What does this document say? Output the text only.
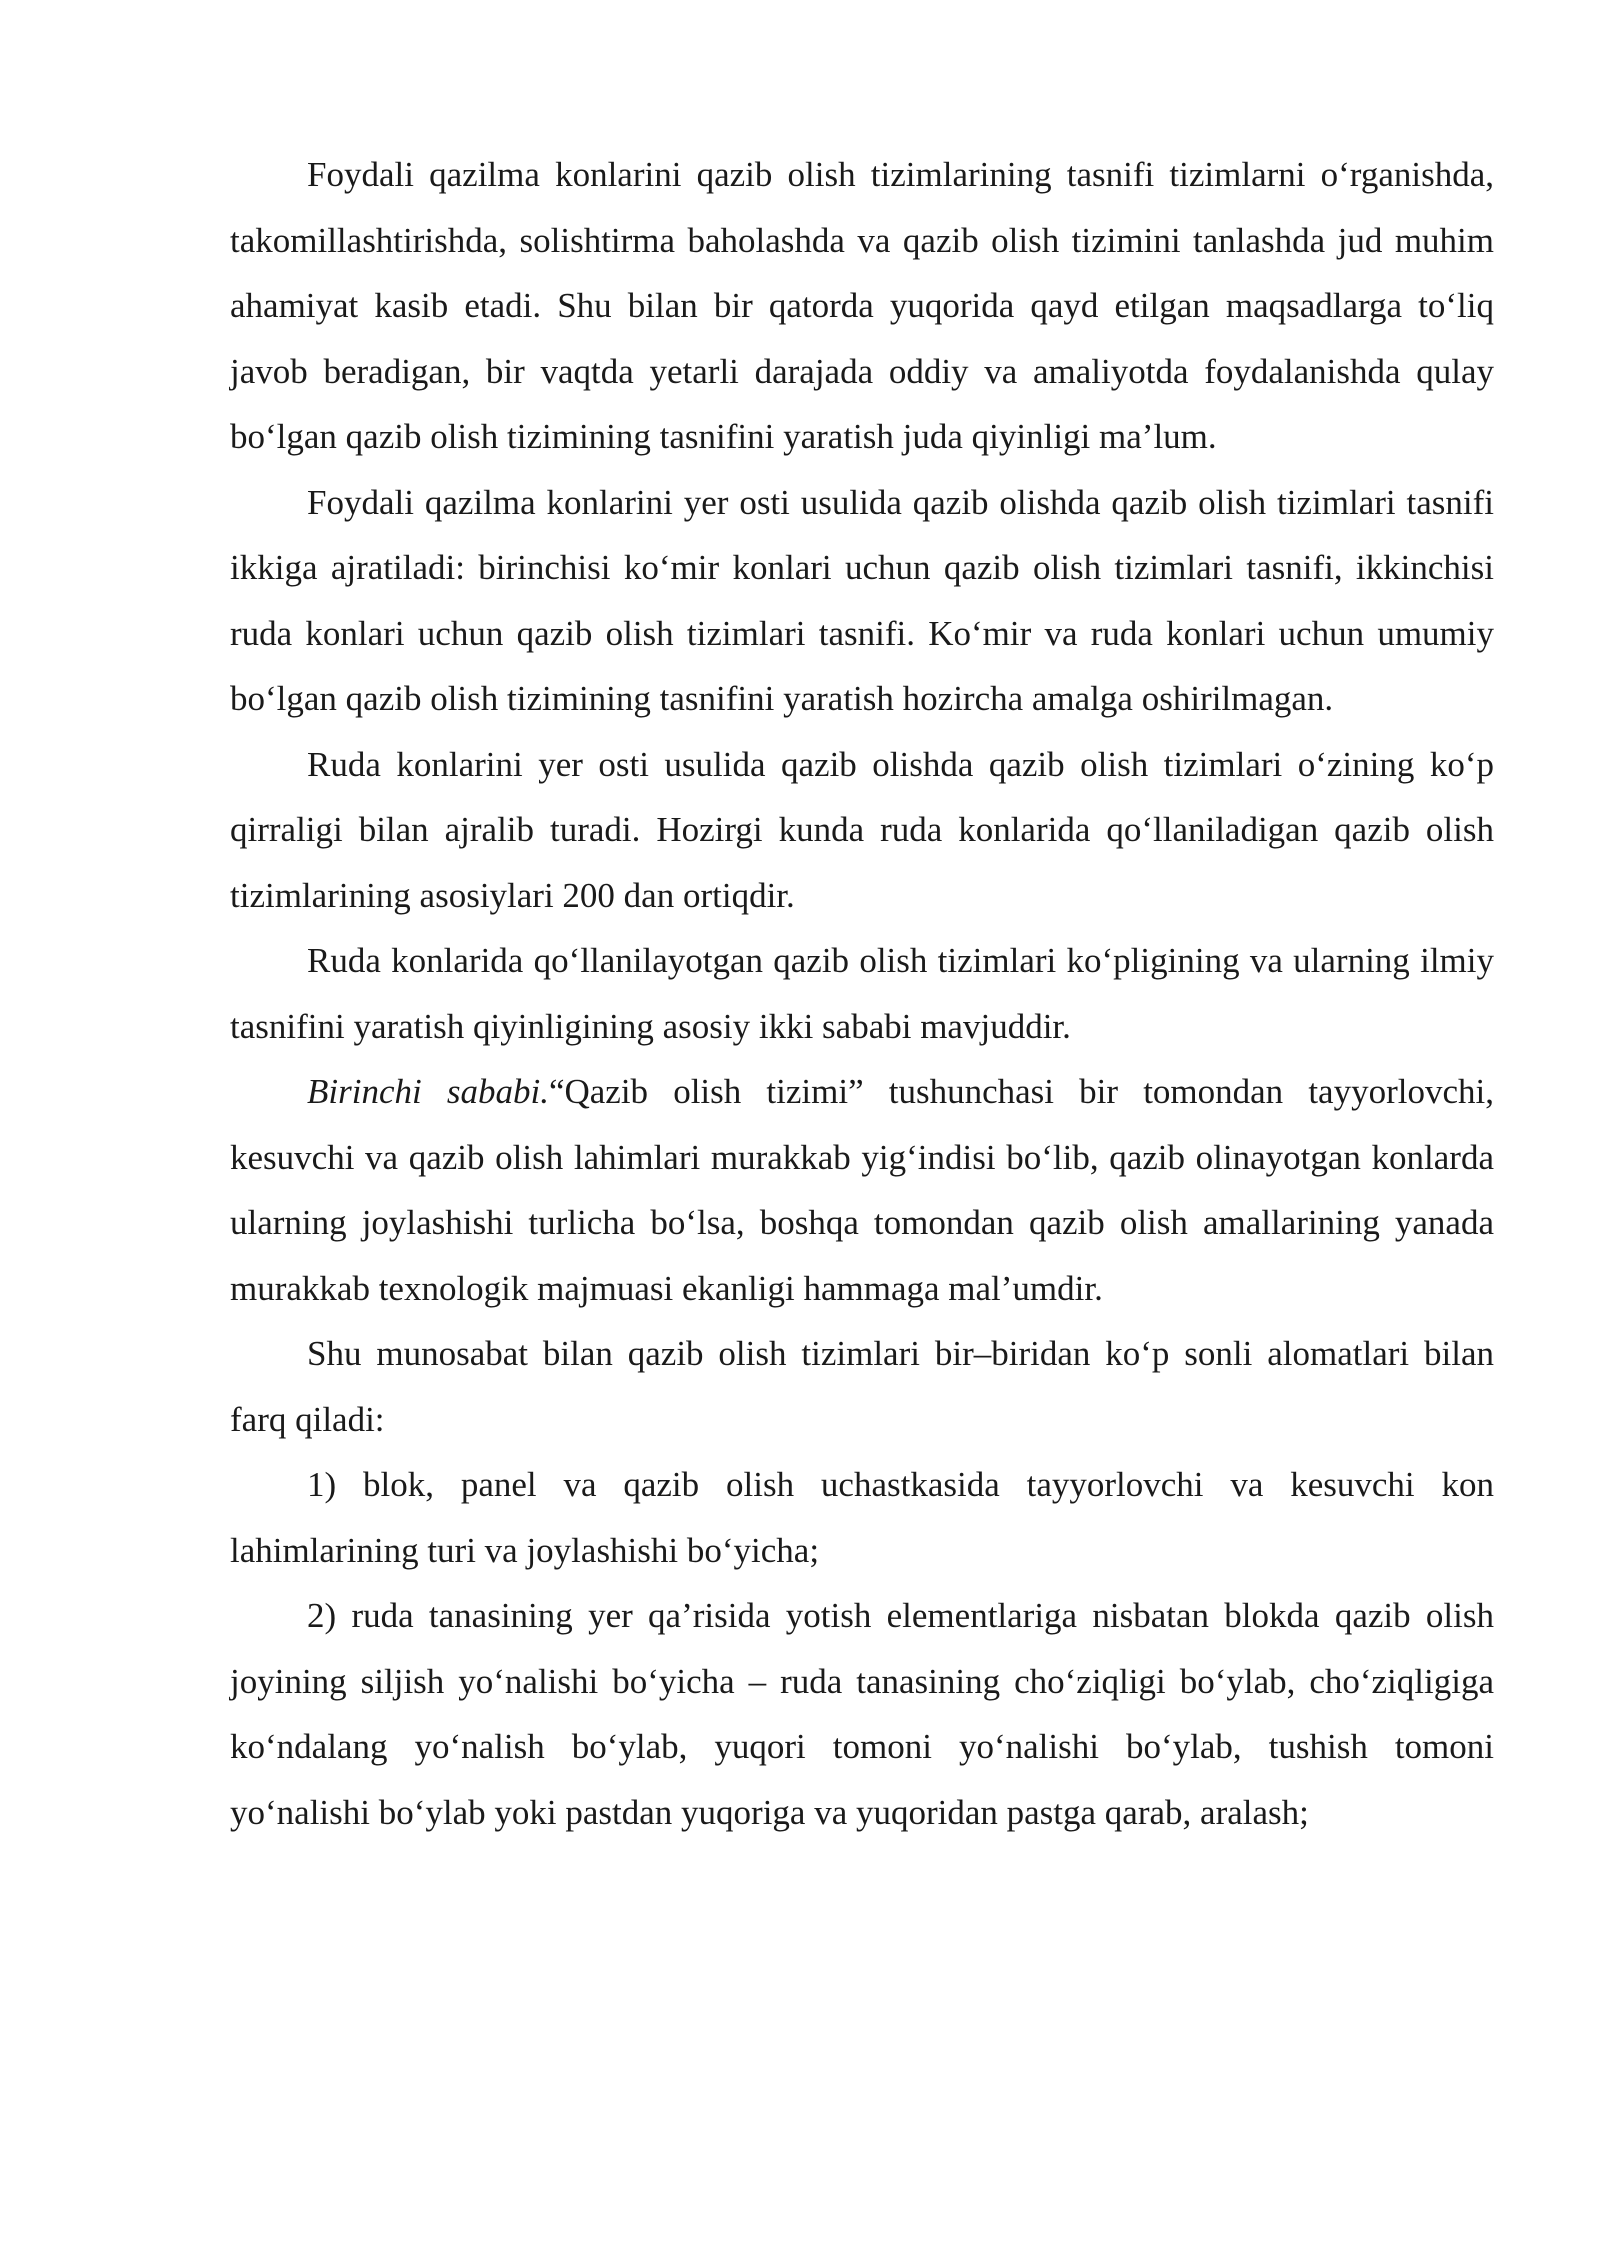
Foydali qazilma konlarini qazib olish tizimlarining tasnifi tizimlarni o‘rganishda, takomillashtirishda, solishtirma baholashda va qazib olish tizimini tanlashda jud muhim ahamiyat kasib etadi. Shu bilan bir qatorda yuqorida qayd etilgan maqsadlarga to‘liq javob beradigan, bir vaqtda yetarli darajada oddiy va amaliyotda foydalanishda qulay bo‘lgan qazib olish tizimining tasnifini yaratish juda qiyinligi ma’lum.

Foydali qazilma konlarini yer osti usulida qazib olishda qazib olish tizimlari tasnifi ikkiga ajratiladi: birinchisi ko‘mir konlari uchun qazib olish tizimlari tasnifi, ikkinchisi ruda konlari uchun qazib olish tizimlari tasnifi. Ko‘mir va ruda konlari uchun umumiy bo‘lgan qazib olish tizimining tasnifini yaratish hozircha amalga oshirilmagan.

Ruda konlarini yer osti usulida qazib olishda qazib olish tizimlari o‘zining ko‘p qirraligi bilan ajralib turadi. Hozirgi kunda ruda konlarida qo‘llaniladigan qazib olish tizimlarining asosiylari 200 dan ortiqdir.

Ruda konlarida qo‘llanilayotgan qazib olish tizimlari ko‘pligining va ularning ilmiy tasnifini yaratish qiyinligining asosiy ikki sababi mavjuddir.

Birinchi sababi.“Qazib olish tizimi” tushunchasi bir tomondan tayyorlovchi, kesuvchi va qazib olish lahimlari murakkab yig‘indisi bo‘lib, qazib olinayotgan konlarda ularning joylashishi turlicha bo‘lsa, boshqa tomondan qazib olish amallarining yanada murakkab texnologik majmuasi ekanligi hammaga mal’umdir.

Shu munosabat bilan qazib olish tizimlari bir–biridan ko‘p sonli alomatlari bilan farq qiladi:

1) blok, panel va qazib olish uchastkasida tayyorlovchi va kesuvchi kon lahimlarining turi va joylashishi bo‘yicha;

2) ruda tanasining yer qa’risida yotish elementlariga nisbatan blokda qazib olish joyining siljish yo‘nalishi bo‘yicha – ruda tanasining cho‘ziqligi bo‘ylab, cho‘ziqligiga ko‘ndalang yo‘nalish bo‘ylab, yuqori tomoni yo‘nalishi bo‘ylab, tushish tomoni yo‘nalishi bo‘ylab yoki pastdan yuqoriga va yuqoridan pastga qarab, aralash;
